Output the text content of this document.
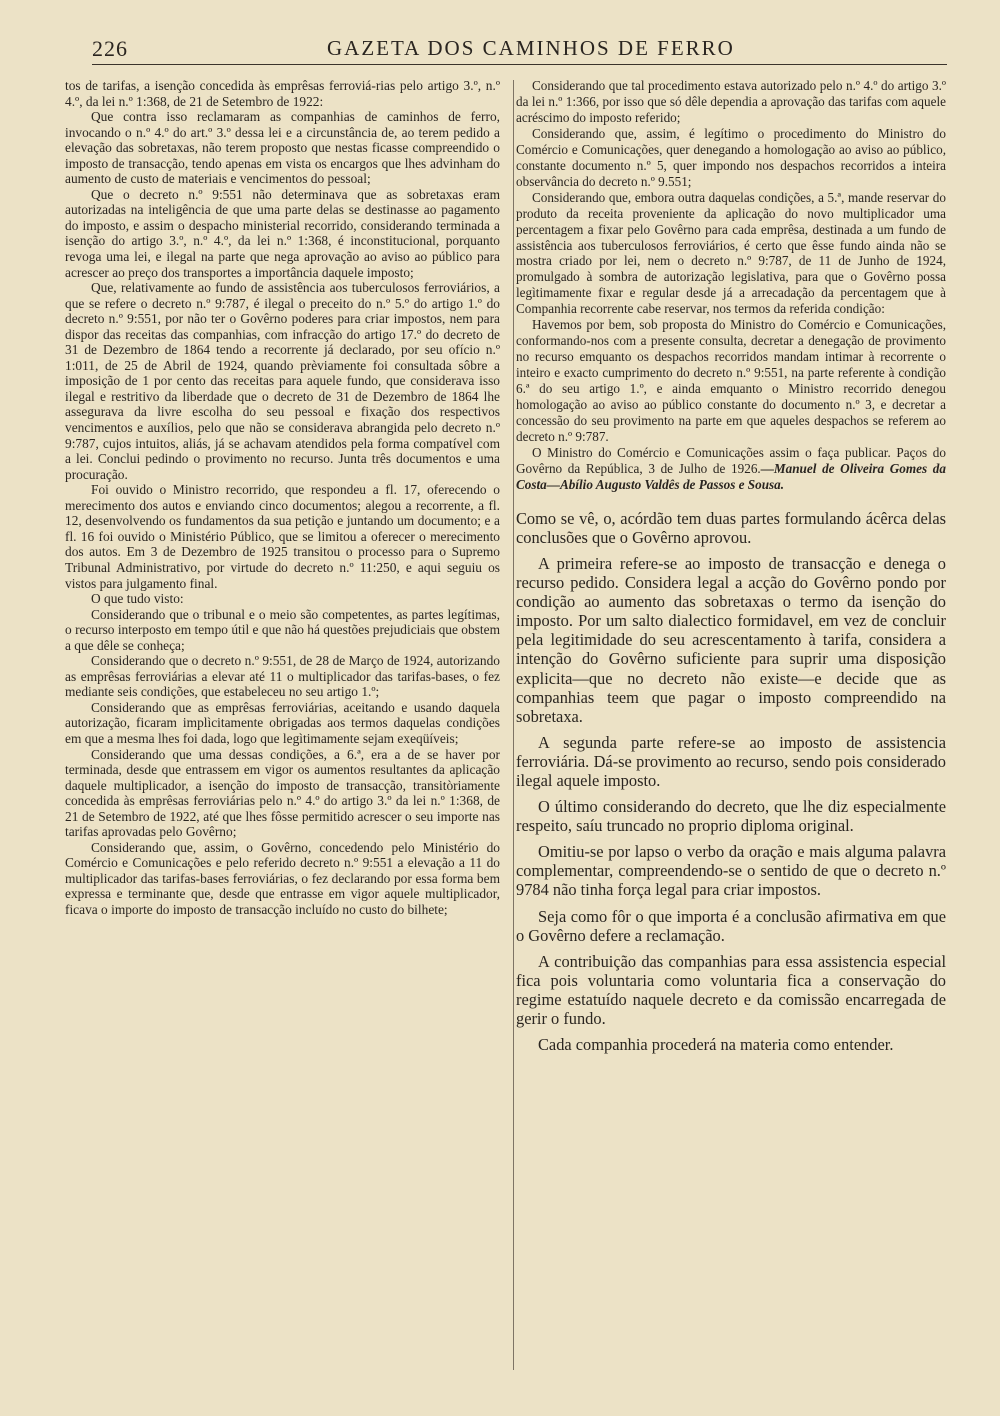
226	GAZETA DOS CAMINHOS DE FERRO

tos de tarifas, a isenção concedida às emprêsas ferroviá-rias pelo artigo 3.º, n.º 4.º, da lei n.º 1:368, de 21 de Setembro de 1922:

Que contra isso reclamaram as companhias de caminhos de ferro, invocando o n.º 4.º do art.º 3.º dessa lei e a circunstância de, ao terem pedido a elevação das sobretaxas, não terem proposto que nestas ficasse compreendido o imposto de transacção, tendo apenas em vista os encargos que lhes advinham do aumento de custo de materiais e vencimentos do pessoal;

Que o decreto n.º 9:551 não determinava que as sobretaxas eram autorizadas na inteligência de que uma parte delas se destinasse ao pagamento do imposto, e assim o despacho ministerial recorrido, considerando terminada a isenção do artigo 3.º, n.º 4.º, da lei n.º 1:368, é inconstitucional, porquanto revoga uma lei, e ilegal na parte que nega aprovação ao aviso ao público para acrescer ao preço dos transportes a importância daquele imposto;

Que, relativamente ao fundo de assistência aos tuberculosos ferroviários, a que se refere o decreto n.º 9:787, é ilegal o preceito do n.º 5.º do artigo 1.º do decreto n.º 9:551, por não ter o Govêrno poderes para criar impostos, nem para dispor das receitas das companhias, com infracção do artigo 17.º do decreto de 31 de Dezembro de 1864 tendo a recorrente já declarado, por seu ofício n.º 1:011, de 25 de Abril de 1924, quando prèviamente foi consultada sôbre a imposição de 1 por cento das receitas para aquele fundo, que considerava isso ilegal e restritivo da liberdade que o decreto de 31 de Dezembro de 1864 lhe assegurava da livre escolha do seu pessoal e fixação dos respectivos vencimentos e auxílios, pelo que não se considerava abrangida pelo decreto n.º 9:787, cujos intuitos, aliás, já se achavam atendidos pela forma compatível com a lei. Conclui pedindo o provimento no recurso. Junta três documentos e uma procuração.

Foi ouvido o Ministro recorrido, que respondeu a fl. 17, oferecendo o merecimento dos autos e enviando cinco documentos; alegou a recorrente, a fl. 12, desenvolvendo os fundamentos da sua petição e juntando um documento; e a fl. 16 foi ouvido o Ministério Público, que se limitou a oferecer o merecimento dos autos. Em 3 de Dezembro de 1925 transitou o processo para o Supremo Tribunal Administrativo, por virtude do decreto n.º 11:250, e aqui seguiu os vistos para julgamento final.

O que tudo visto:

Considerando que o tribunal e o meio são competentes, as partes legítimas, o recurso interposto em tempo útil e que não há questões prejudiciais que obstem a que dêle se conheça;

Considerando que o decreto n.º 9:551, de 28 de Março de 1924, autorizando as emprêsas ferroviárias a elevar até 11 o multiplicador das tarifas-bases, o fez mediante seis condições, que estabeleceu no seu artigo 1.º;

Considerando que as emprêsas ferroviárias, aceitando e usando daquela autorização, ficaram implìcitamente obrigadas aos termos daquelas condições em que a mesma lhes foi dada, logo que legìtimamente sejam exeqüíveis;

Considerando que uma dessas condições, a 6.ª, era a de se haver por terminada, desde que entrassem em vigor os aumentos resultantes da aplicação daquele multiplicador, a isenção do imposto de transacção, transitòriamente concedida às emprêsas ferroviárias pelo n.º 4.º do artigo 3.º da lei n.º 1:368, de 21 de Setembro de 1922, até que lhes fôsse permitido acrescer o seu importe nas tarifas aprovadas pelo Govêrno;

Considerando que, assim, o Govêrno, concedendo pelo Ministério do Comércio e Comunicações e pelo referido decreto n.º 9:551 a elevação a 11 do multiplicador das tarifas-bases ferroviárias, o fez declarando por essa forma bem expressa e terminante que, desde que entrasse em vigor aquele multiplicador, ficava o importe do imposto de transacção incluído no custo do bilhete;

Considerando que tal procedimento estava autorizado pelo n.º 4.º do artigo 3.º da lei n.º 1:366, por isso que só dêle dependia a aprovação das tarifas com aquele acréscimo do imposto referido;

Considerando que, assim, é legítimo o procedimento do Ministro do Comércio e Comunicações, quer denegando a homologação ao aviso ao público, constante documento n.º 5, quer impondo nos despachos recorridos a inteira observância do decreto n.º 9.551;

Considerando que, embora outra daquelas condições, a 5.ª, mande reservar do produto da receita proveniente da aplicação do novo multiplicador uma percentagem a fixar pelo Govêrno para cada emprêsa, destinada a um fundo de assistência aos tuberculosos ferroviários, é certo que êsse fundo ainda não se mostra criado por lei, nem o decreto n.º 9:787, de 11 de Junho de 1924, promulgado à sombra de autorização legislativa, para que o Govêrno possa legìtimamente fixar e regular desde já a arrecadação da percentagem que à Companhia recorrente cabe reservar, nos termos da referida condição:

Havemos por bem, sob proposta do Ministro do Comércio e Comunicações, conformando-nos com a presente consulta, decretar a denegação de provimento no recurso emquanto os despachos recorridos mandam intimar à recorrente o inteiro e exacto cumprimento do decreto n.º 9:551, na parte referente à condição 6.ª do seu artigo 1.º, e ainda emquanto o Ministro recorrido denegou homologação ao aviso ao público constante do documento n.º 3, e decretar a concessão do seu provimento na parte em que aqueles despachos se referem ao decreto n.º 9:787.

O Ministro do Comércio e Comunicações assim o faça publicar. Paços do Govêrno da República, 3 de Julho de 1926.—Manuel de Oliveira Gomes da Costa—Abílio Augusto Valdês de Passos e Sousa.

Como se vê, o, acórdão tem duas partes formulando ácêrca delas conclusões que o Govêrno aprovou.

A primeira refere-se ao imposto de transacção e denega o recurso pedido. Considera legal a acção do Govêrno pondo por condição ao aumento das sobretaxas o termo da isenção do imposto. Por um salto dialectico formidavel, em vez de concluir pela legitimidade do seu acrescentamento à tarifa, considera a intenção do Govêrno suficiente para suprir uma disposição explicita—que no decreto não existe—e decide que as companhias teem que pagar o imposto compreendido na sobretaxa.

A segunda parte refere-se ao imposto de assistencia ferroviária. Dá-se provimento ao recurso, sendo pois considerado ilegal aquele imposto.

O último considerando do decreto, que lhe diz especialmente respeito, saíu truncado no proprio diploma original.

Omitiu-se por lapso o verbo da oração e mais alguma palavra complementar, compreendendo-se o sentido de que o decreto n.º 9784 não tinha força legal para criar impostos.

Seja como fôr o que importa é a conclusão afirmativa em que o Govêrno defere a reclamação.

A contribuição das companhias para essa assistencia especial fica pois voluntaria como voluntaria fica a conservação do regime estatuído naquele decreto e da comissão encarregada de gerir o fundo.

Cada companhia procederá na materia como entender.
